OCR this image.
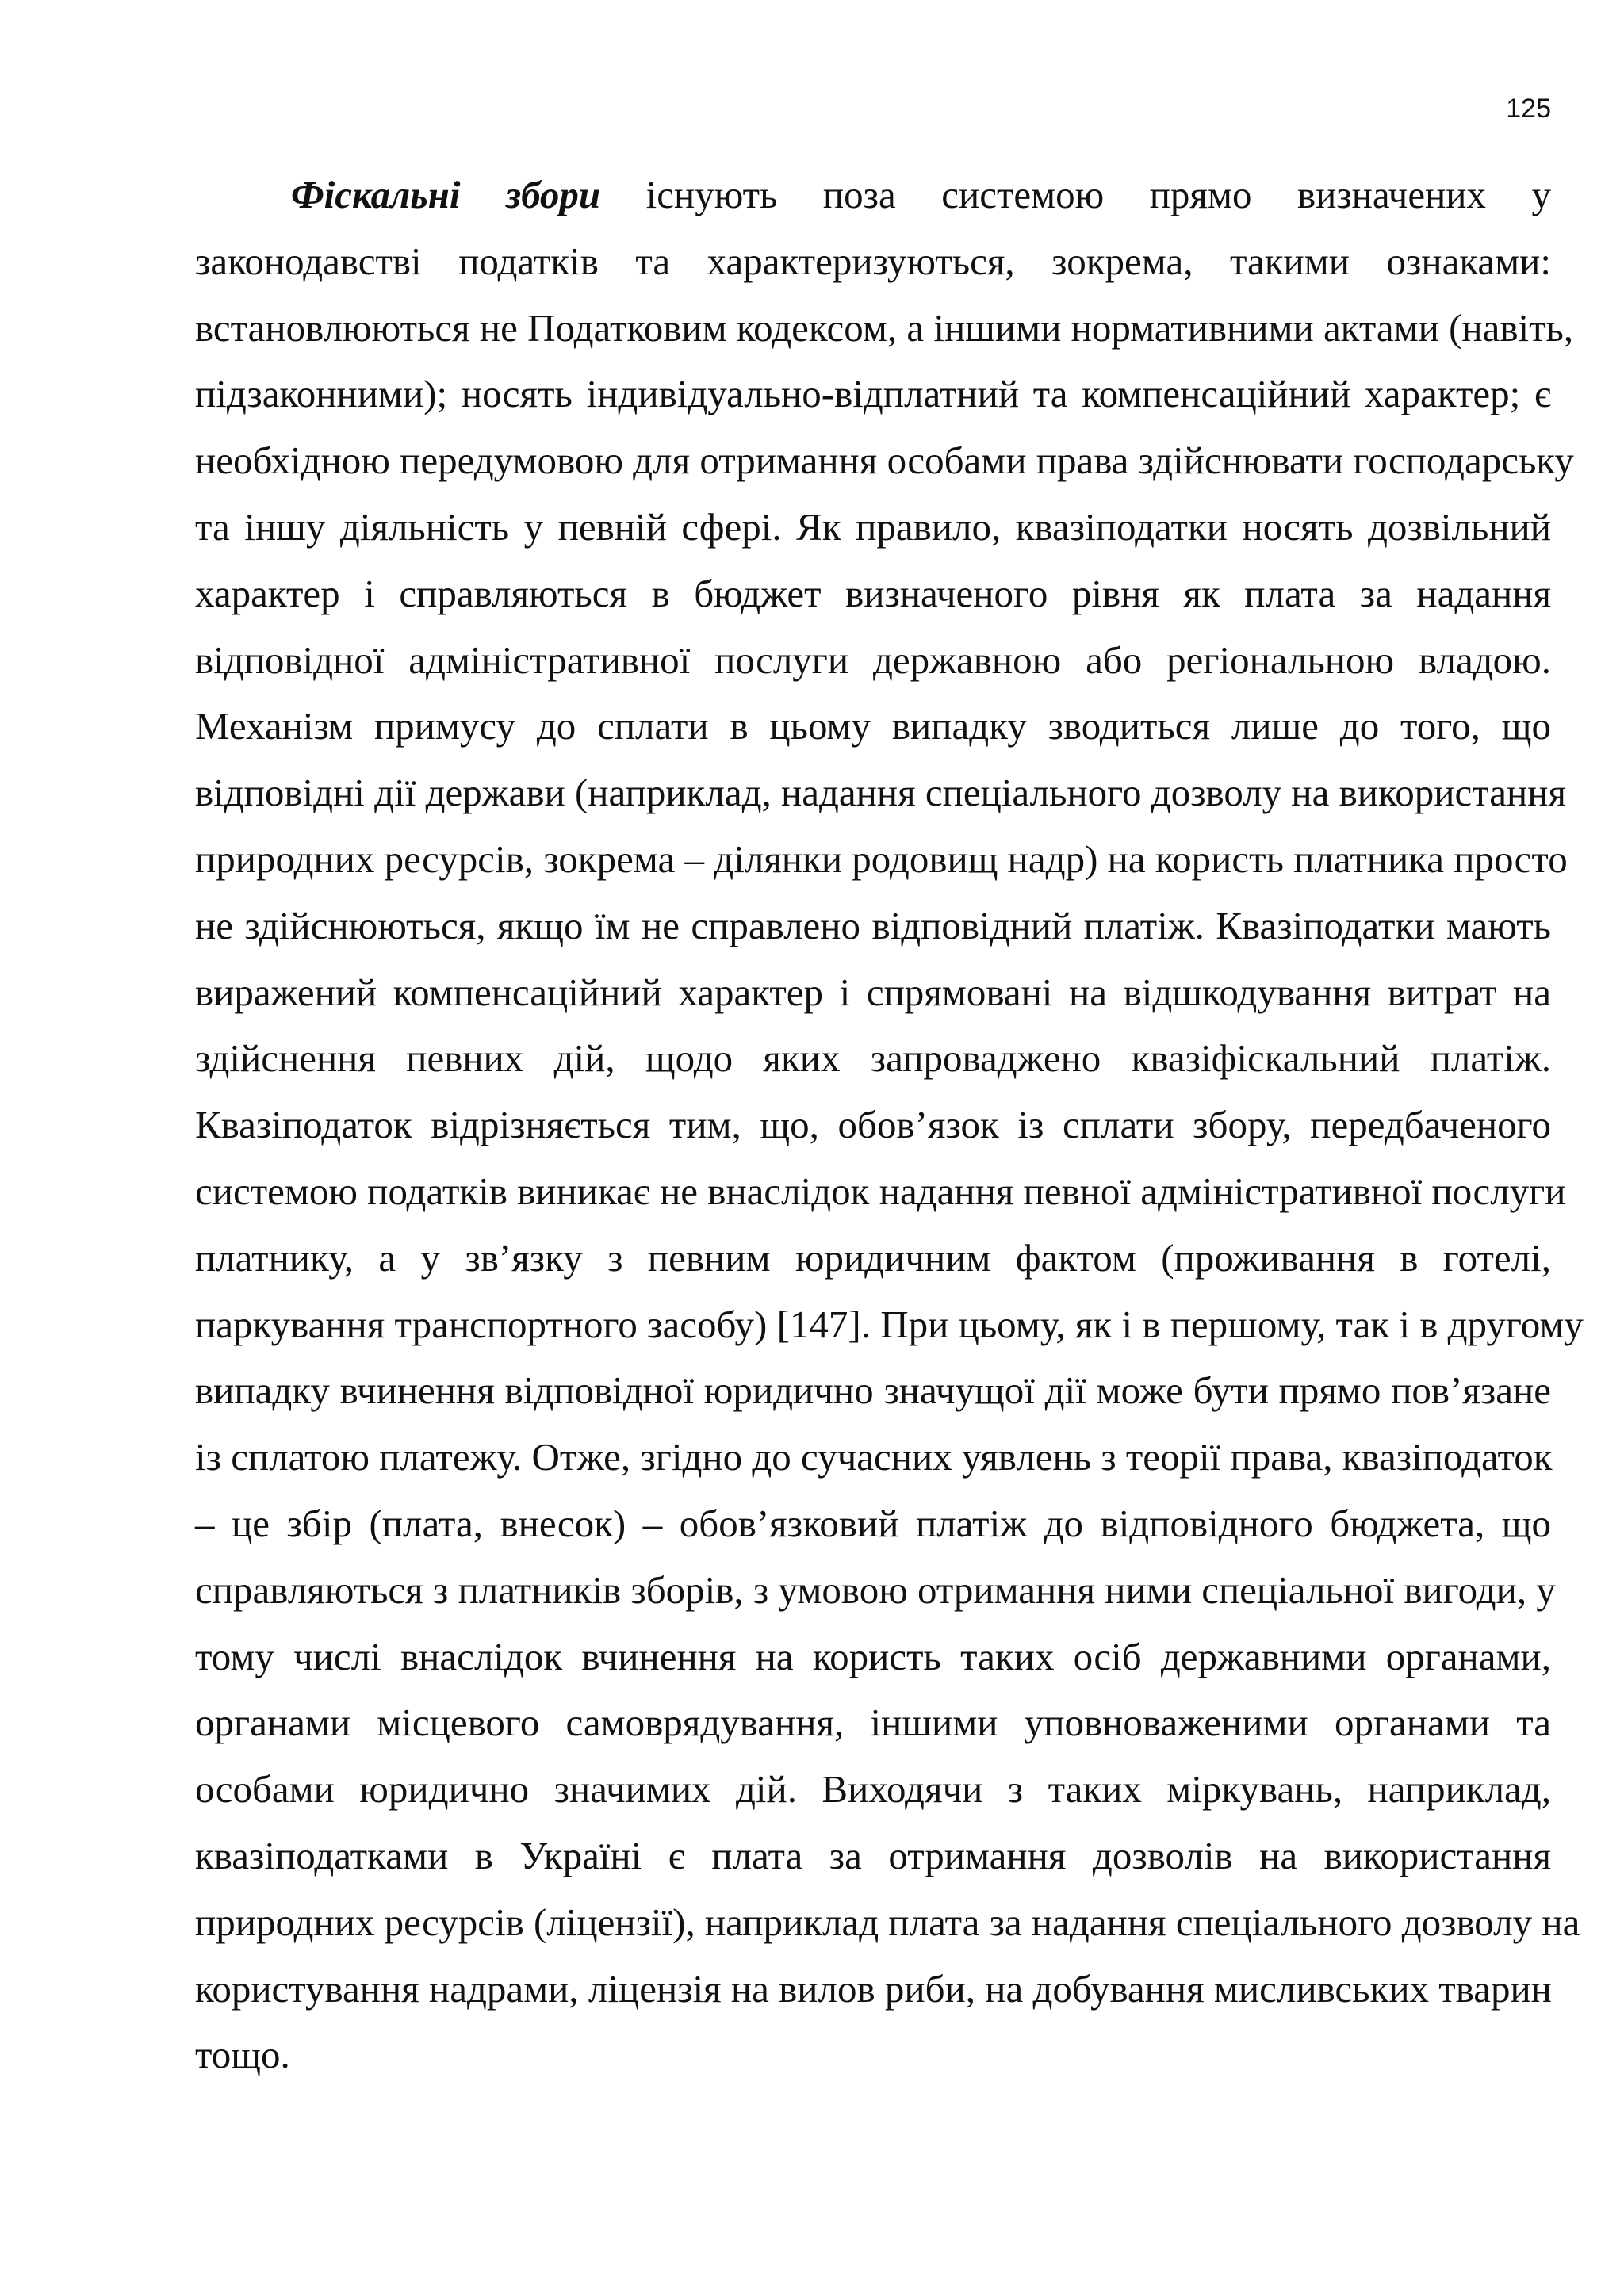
125
Фіскальні збори існують поза системою прямо визначених у
законодавстві податків та характеризуються, зокрема, такими ознаками:
встановлюються не Податковим кодексом, а іншими нормативними актами (навіть,
підзаконними); носять індивідуально-відплатний та компенсаційний характер; є
необхідною передумовою для отримання особами права здійснювати господарську
та іншу діяльність у певній сфері. Як правило, квазіподатки носять дозвільний
характер і справляються в бюджет визначеного рівня як плата за надання
відповідної адміністративної послуги державною або регіональною владою.
Механізм примусу до сплати в цьому випадку зводиться лише до того, що
відповідні дії держави (наприклад, надання спеціального дозволу на використання
природних ресурсів, зокрема – ділянки родовищ надр) на користь платника просто
не здійснюються, якщо їм не справлено відповідний платіж. Квазіподатки мають
виражений компенсаційний характер і спрямовані на відшкодування витрат на
здійснення певних дій, щодо яких запроваджено квазіфіскальний платіж.
Квазіподаток відрізняється тим, що, обов’язок із сплати збору, передбаченого
системою податків виникає не внаслідок надання певної адміністративної послуги
платнику, а у зв’язку з певним юридичним фактом (проживання в готелі,
паркування транспортного засобу) [147]. При цьому, як і в першому, так і в другому
випадку вчинення відповідної юридично значущої дії може бути прямо пов’язане
із сплатою платежу. Отже, згідно до сучасних уявлень з теорії права, квазіподаток
– це збір (плата, внесок) – обов’язковий платіж до відповідного бюджета, що
справляються з платників зборів, з умовою отримання ними спеціальної вигоди, у
тому числі внаслідок вчинення на користь таких осіб державними органами,
органами місцевого самоврядування, іншими уповноваженими органами та
особами юридично значимих дій. Виходячи з таких міркувань, наприклад,
квазіподатками в Україні є плата за отримання дозволів на використання
природних ресурсів (ліцензії), наприклад плата за надання спеціального дозволу на
користування надрами, ліцензія на вилов риби, на добування мисливських тварин
тощо.
